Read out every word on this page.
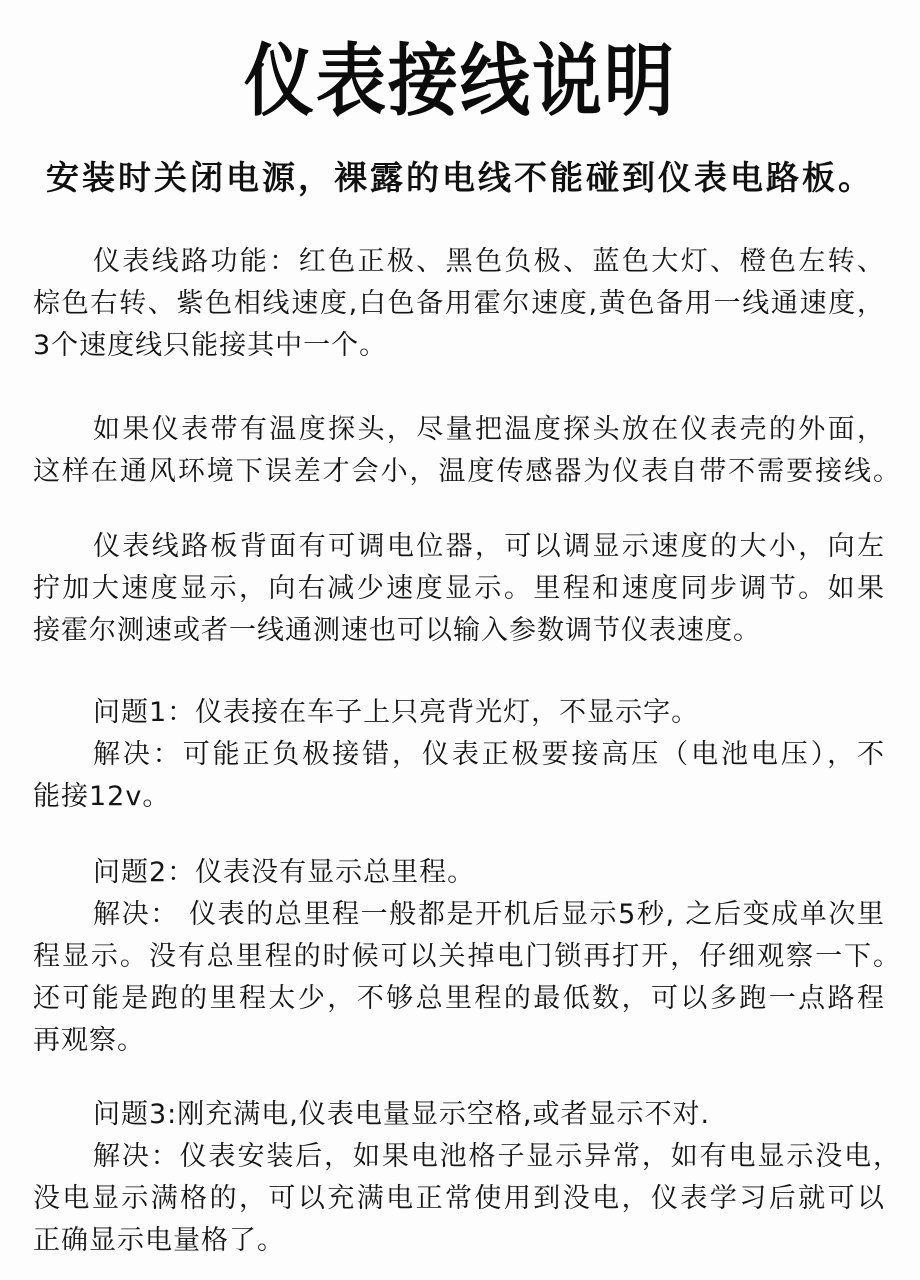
仪表接线说明
安装时关闭电源，裸露的电线不能碰到仪表电路板。
仪表线路功能：红色正极、黑色负极、蓝色大灯、橙色左转、
棕色右转、紫色相线速度,白色备用霍尔速度,黄色备用一线通速度，
3个速度线只能接其中一个。
如果仪表带有温度探头，尽量把温度探头放在仪表壳的外面，
这样在通风环境下误差才会小，温度传感器为仪表自带不需要接线。
仪表线路板背面有可调电位器，可以调显示速度的大小，向左
拧加大速度显示，向右减少速度显示。里程和速度同步调节。如果
接霍尔测速或者一线通测速也可以输入参数调节仪表速度。
问题1：仪表接在车子上只亮背光灯，不显示字。
解决：可能正负极接错，仪表正极要接高压（电池电压），不
能接12v。
问题2：仪表没有显示总里程。
解决： 仪表的总里程一般都是开机后显示5秒, 之后变成单次里
程显示。没有总里程的时候可以关掉电门锁再打开，仔细观察一下。
还可能是跑的里程太少，不够总里程的最低数，可以多跑一点路程
再观察。
问题3:刚充满电,仪表电量显示空格,或者显示不对.
解决：仪表安装后，如果电池格子显示异常，如有电显示没电，
没电显示满格的，可以充满电正常使用到没电，仪表学习后就可以
正确显示电量格了。
